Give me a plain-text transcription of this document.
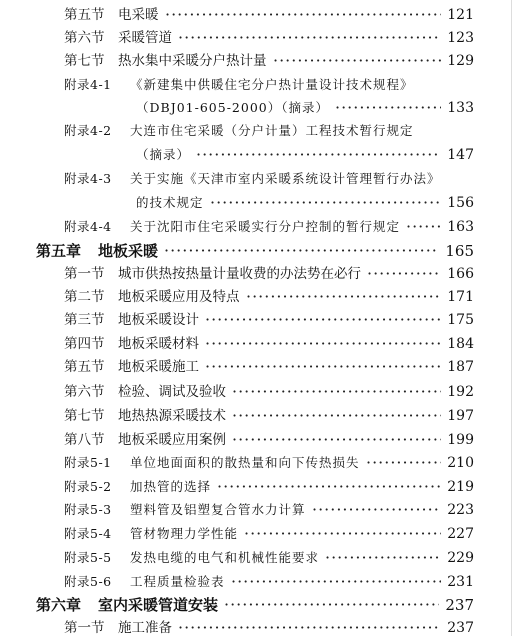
第五节 电采暖	121
·····
第六节 采暖管道	123
·····
第七节 热水集中采暖分户热计量	129
·····
附录4-1 《新建集中供暖住宅分户热计量设计技术规程》
（DBJ01-605-2000）（摘录）	133
·····
附录4-2 大连市住宅采暖（分户计量）工程技术暂行规定
（摘录）	147
·····
附录4-3 关于实施《天津市室内采暖系统设计管理暂行办法》
的技术规定	156
·····
附录4-4 关于沈阳市住宅采暖实行分户控制的暂行规定	163
·····
第五章 地板采暖	165
·····
第一节 城市供热按热量计量收费的办法势在必行	166
·····
第二节 地板采暖应用及特点	171
·····
第三节 地板采暖设计	175
·····
第四节 地板采暖材料	184
·····
第五节 地板采暖施工	187
·····
第六节 检验、调试及验收	192
·····
第七节 地热热源采暖技术	197
·····
第八节 地板采暖应用案例	199
·····
附录5-1 单位地面面积的散热量和向下传热损失	210
·····
附录5-2 加热管的选择	219
·····
附录5-3 塑料管及铝塑复合管水力计算	223
·····
附录5-4 管材物理力学性能	227
·····
附录5-5 发热电缆的电气和机械性能要求	229
·····
附录5-6 工程质量检验表	231
·····
第六章 室内采暖管道安装	237
·····
第一节 施工准备	237
·····
